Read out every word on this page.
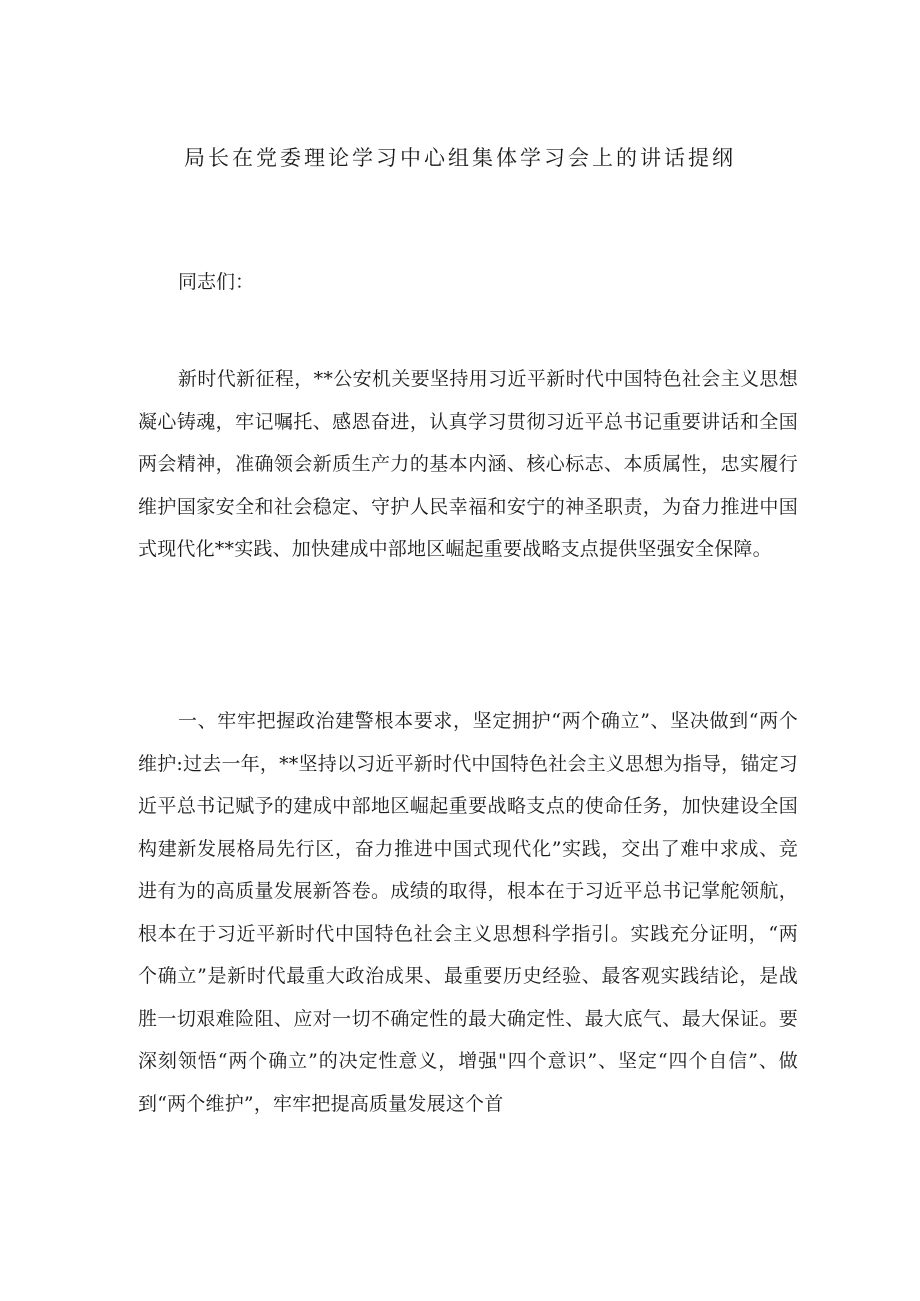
局长在党委理论学习中心组集体学习会上的讲话提纲

同志们：

新时代新征程，**公安机关要坚持用习近平新时代中国特色社会主义思想凝心铸魂，牢记嘱托、感恩奋进，认真学习贯彻习近平总书记重要讲话和全国两会精神，准确领会新质生产力的基本内涵、核心标志、本质属性，忠实履行维护国家安全和社会稳定、守护人民幸福和安宁的神圣职责，为奋力推进中国式现代化**实践、加快建成中部地区崛起重要战略支点提供坚强安全保障。

一、牢牢把握政治建警根本要求，坚定拥护“两个确立”、坚决做到“两个维护:过去一年，**坚持以习近平新时代中国特色社会主义思想为指导，锚定习近平总书记赋予的建成中部地区崛起重要战略支点的使命任务，加快建设全国构建新发展格局先行区，奋力推进中国式现代化”实践，交出了难中求成、竞进有为的高质量发展新答卷。成绩的取得，根本在于习近平总书记掌舵领航，根本在于习近平新时代中国特色社会主义思想科学指引。实践充分证明，“两个确立”是新时代最重大政治成果、最重要历史经验、最客观实践结论，是战胜一切艰难险阻、应对一切不确定性的最大确定性、最大底气、最大保证。要深刻领悟“两个确立”的决定性意义，增强"四个意识”、坚定“四个自信”、做到“两个维护”，牢牢把提高质量发展这个首
